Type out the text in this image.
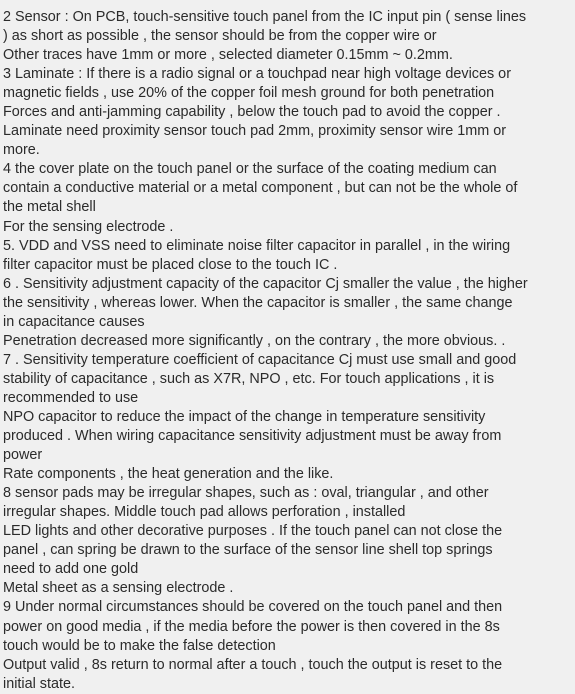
2 Sensor : On PCB, touch-sensitive touch panel from the IC input pin ( sense lines
) as short as possible , the sensor should be from the copper wire or
Other traces have 1mm or more , selected diameter 0.15mm ~ 0.2mm.
3 Laminate : If there is a radio signal or a touchpad near high voltage devices or
magnetic fields , use 20% of the copper foil mesh ground for both penetration
Forces and anti-jamming capability , below the touch pad to avoid the copper .
Laminate need proximity sensor touch pad 2mm, proximity sensor wire 1mm or
more.
4 the cover plate on the touch panel or the surface of the coating medium can
contain a conductive material or a metal component , but can not be the whole of
the metal shell
For the sensing electrode .
5. VDD and VSS need to eliminate noise filter capacitor in parallel , in the wiring
filter capacitor must be placed close to the touch IC .
6 . Sensitivity adjustment capacity of the capacitor Cj smaller the value , the higher
the sensitivity , whereas lower. When the capacitor is smaller , the same change
in capacitance causes
Penetration decreased more significantly , on the contrary , the more obvious. .
7 . Sensitivity temperature coefficient of capacitance Cj must use small and good
stability of capacitance , such as X7R, NPO , etc. For touch applications , it is
recommended to use
NPO capacitor to reduce the impact of the change in temperature sensitivity
produced . When wiring capacitance sensitivity adjustment must be away from
power
Rate components , the heat generation and the like.
8 sensor pads may be irregular shapes, such as : oval, triangular , and other
irregular shapes. Middle touch pad allows perforation , installed
LED lights and other decorative purposes . If the touch panel can not close the
panel , can spring be drawn to the surface of the sensor line shell top springs
need to add one gold
Metal sheet as a sensing electrode .
9 Under normal circumstances should be covered on the touch panel and then
power on good media , if the media before the power is then covered in the 8s
touch would be to make the false detection
Output valid , 8s return to normal after a touch , touch the output is reset to the
initial state.
